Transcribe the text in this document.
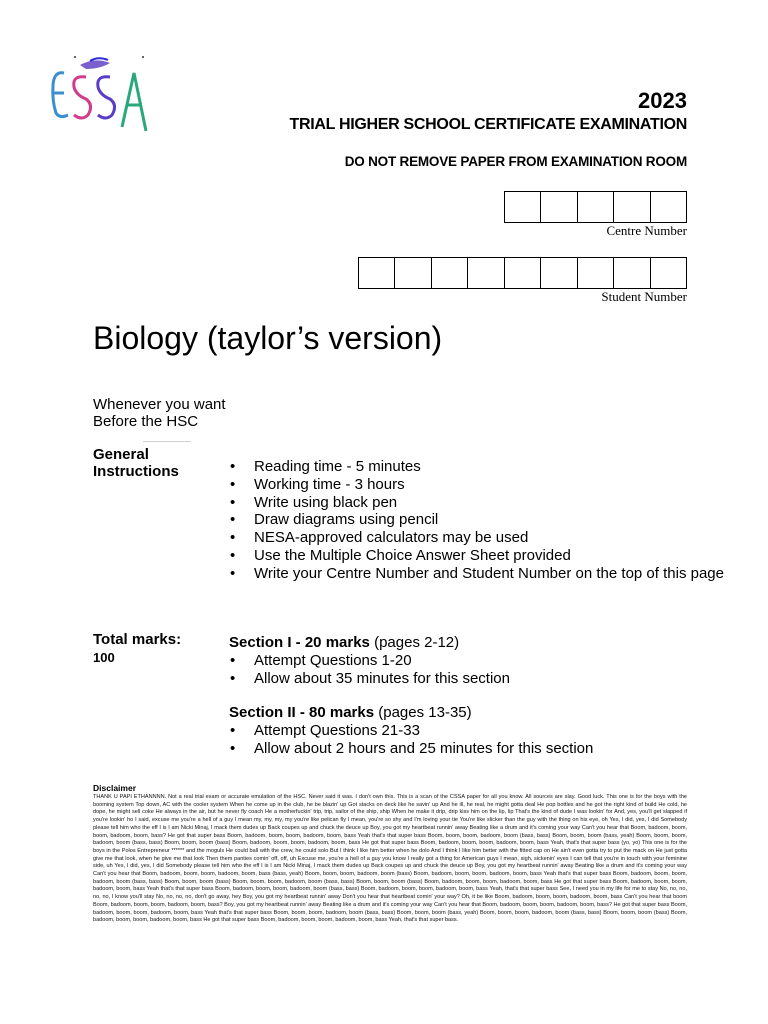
2023
TRIAL HIGHER SCHOOL CERTIFICATE EXAMINATION
DO NOT REMOVE PAPER FROM EXAMINATION ROOM
Centre Number
Student Number
Biology (taylor’s version)
Whenever you want
Before the HSC
General Instructions
•	Reading time - 5 minutes
• Working time - 3 hours
• Write using black pen
• Draw diagrams using pencil
• NESA-approved calculators may be used
• Use the Multiple Choice Answer Sheet provided
• Write your Centre Number and Student Number on the top of this page
Total marks:
100
Section I - 20 marks (pages 2-12)
• Attempt Questions 1-20
• Allow about 35 minutes for this section
Section II - 80 marks (pages 13-35)
• Attempt Questions 21-33
• Allow about 2 hours and 25 minutes for this section
Disclaimer
THANK U PAPI ETHANNNN. Not a real trial exam or accurate emulation of the HSC. Never said it was. I don't own this. This is a scan of the CSSA paper for all you know. All sources are slay. Good luck. This one is for the boys with the booming system Top down, AC with the cooler system When he come up in the club, he be blazin' up Got stacks on deck like he savin' up And he ill, he real, he might gotta deal He pop bottles and he got the right kind of build He cold, he dope, he might sell coke He always in the air, but he never fly coach He a motherfuckin' trip, trip, sailor of the ship, ship When he make it drip, drip kiss him on the lip, lip That's the kind of dude I was lookin' for And, yes, you'll get slapped if you're lookin' ho I said, excuse me you're a hell of a guy I mean my, my, my, my you're like pelican fly I mean, you're so shy and I'm loving your tie You're like slicker than the guy with the thing on his eye, oh Yes, I did, yes, I did Somebody please tell him who the eff I is I am Nicki Minaj, I mack them dudes up Back coupes up and chuck the deuce up Boy, you got my heartbeat runnin' away Beating like a drum and it's coming your way Can't you hear that Boom, badoom, boom, boom, badoom, boom, bass? He got that super bass Boom, badoom, boom, boom, badoom, boom, bass Yeah that's that super bass Boom, boom, boom, badoom, boom (bass, bass) Boom, boom, boom (bass, yeah) Boom, boom, boom, badoom, boom (bass, bass) Boom, boom, boom (bass) Boom, badoom, boom, boom, badoom, boom, bass He got that super bass Boom, badoom, boom, boom, badoom, boom, bass Yeah, that's that super bass (yo, yo) This one is for the boys in the Polos Entrepreneur ****** and the moguls He could ball with the crew, he could solo But I think I like him better when he dolo And I think I like him better with the fitted cap on He ain't even gotta try to put the mack on He just gotta give me that look, when he give me that look Then them panties comin' off, off, uh Excuse me, you're a hell of a guy you know I really got a thing for American guys I mean, sigh, sickenin' eyes I can tell that you're in touch with your feminine side, uh Yes, I did, yes, I did Somebody please tell him who the eff I is I am Nicki Minaj, I mack them dudes up Back coupes up and chuck the deuce up Boy, you got my heartbeat runnin' away Beating like a drum and it's coming your way Can't you hear that Boom, badoom, boom, boom, badoom, boom, bass (bass, yeah) Boom, boom, boom, badoom, boom (bass) Boom, badoom, boom, boom, badoom, boom, bass Yeah that's that super bass Boom, badoom, boom, boom, badoom, boom (bass, bass) Boom, boom, boom (bass) Boom, boom, boom, badoom, boom (bass, bass) Boom, boom, boom (bass) Boom, badoom, boom, boom, badoom, boom, bass He got that super bass Boom, badoom, boom, boom, badoom, boom, bass Yeah that's that super bass Boom, badoom, boom, boom, badoom, boom (bass, bass) Boom, badoom, boom, boom, badoom, boom, bass Yeah, that's that super bass See, I need you in my life for me to stay No, no, no, no, no, I know you'll stay No, no, no, no, don't go away, hey Boy, you got my heartbeat runnin' away Don't you hear that heartbeat comin' your way? Oh, it be like Boom, badoom, boom, boom, badoom, boom, bass Can't you hear that boom Boom, badoom, boom, boom, badoom, boom, bass? Boy, you got my heartbeat runnin' away Beating like a drum and it's coming your way Can't you hear that Boom, badoom, boom, boom, badoom, boom, bass? He got that super bass Boom, badoom, boom, boom, badoom, boom, bass Yeah that's that super bass Boom, boom, boom, badoom, boom (bass, bass) Boom, boom, boom (bass, yeah) Boom, boom, boom, badoom, boom (bass, bass) Boom, boom, boom (bass) Boom, badoom, boom, boom, badoom, boom, bass He got that super bass Boom, badoom, boom, boom, badoom, boom, bass Yeah, that's that super bass.
